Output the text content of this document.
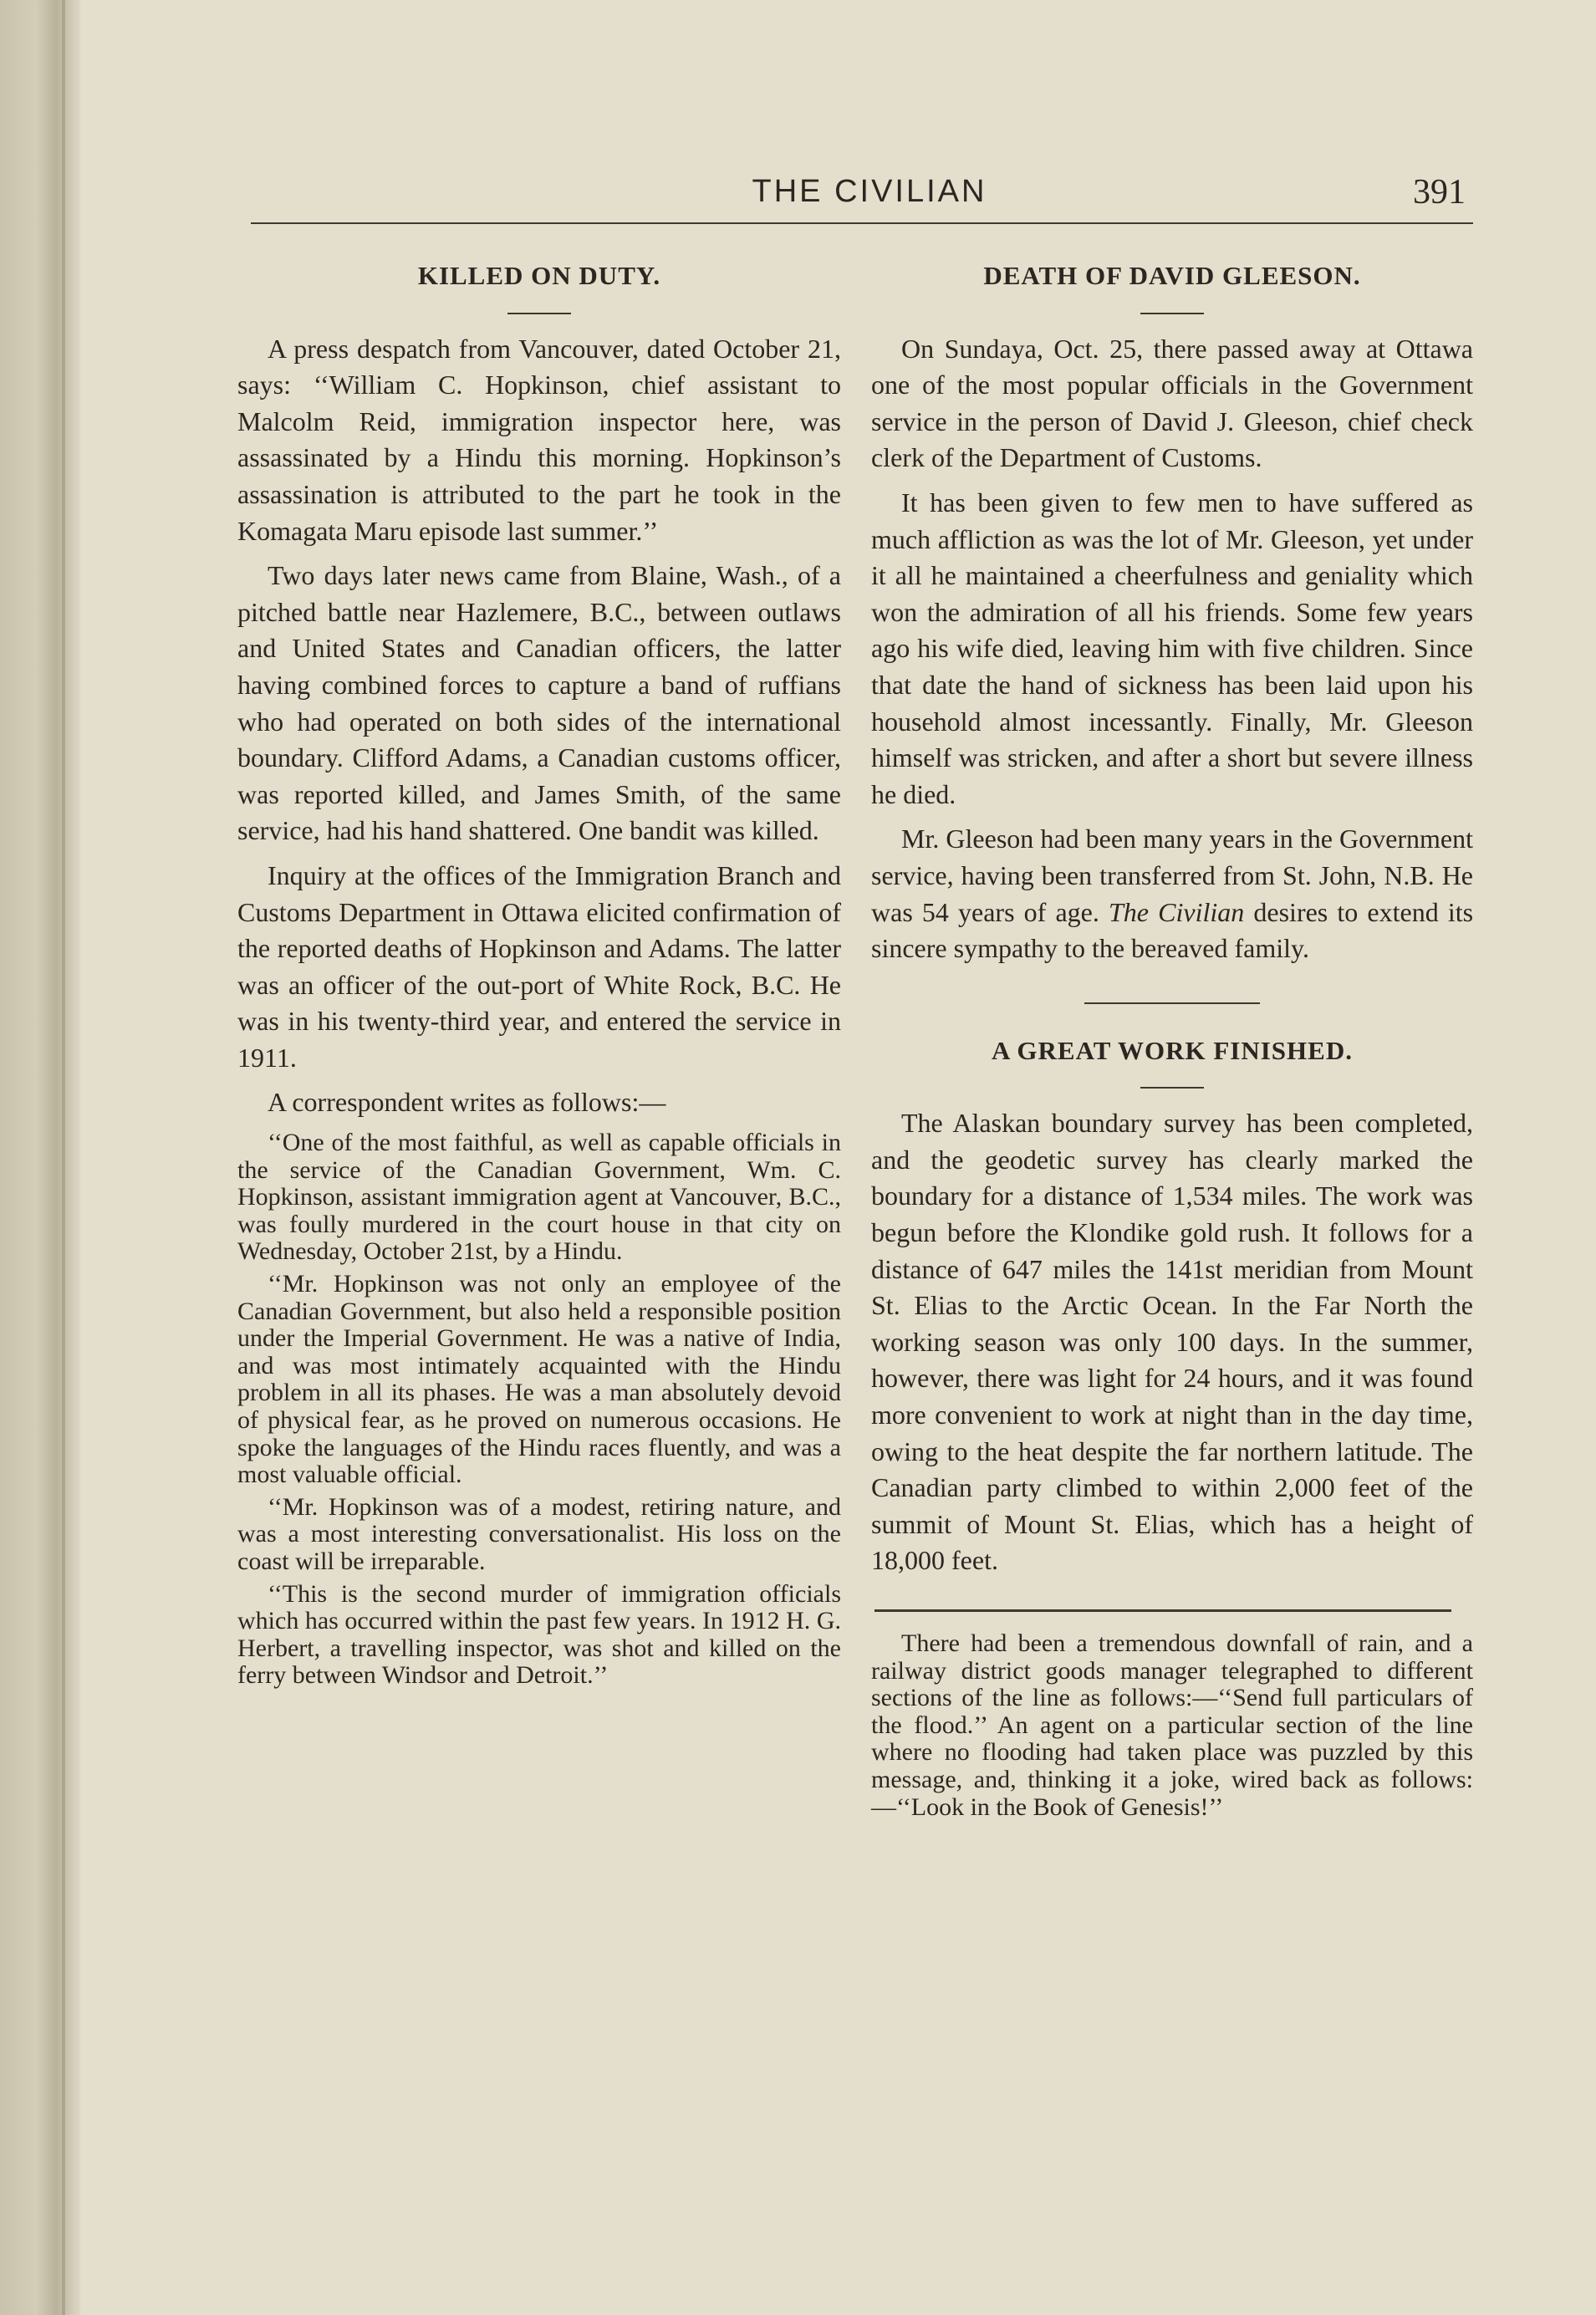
THE CIVILIAN	391
KILLED ON DUTY.

A press despatch from Vancouver, dated October 21, says: ‘‘William C. Hopkinson, chief assistant to Malcolm Reid, immigration inspector here, was assassinated by a Hindu this morning. Hopkinson’s assassination is attributed to the part he took in the Komagata Maru episode last summer.’’

Two days later news came from Blaine, Wash., of a pitched battle near Hazlemere, B.C., between outlaws and United States and Canadian officers, the latter having combined forces to capture a band of ruffians who had operated on both sides of the international boundary. Clifford Adams, a Canadian customs officer, was reported killed, and James Smith, of the same service, had his hand shattered. One bandit was killed.

Inquiry at the offices of the Immigration Branch and Customs Department in Ottawa elicited confirmation of the reported deaths of Hopkinson and Adams. The latter was an officer of the out-port of White Rock, B.C. He was in his twenty-third year, and entered the service in 1911.

A correspondent writes as follows:—

‘‘One of the most faithful, as well as capable officials in the service of the Canadian Government, Wm. C. Hopkinson, assistant immigration agent at Vancouver, B.C., was foully murdered in the court house in that city on Wednesday, October 21st, by a Hindu.

‘‘Mr. Hopkinson was not only an employee of the Canadian Government, but also held a responsible position under the Imperial Government. He was a native of India, and was most intimately acquainted with the Hindu problem in all its phases. He was a man absolutely devoid of physical fear, as he proved on numerous occasions. He spoke the languages of the Hindu races fluently, and was a most valuable official.

‘‘Mr. Hopkinson was of a modest, retiring nature, and was a most interesting conversationalist. His loss on the coast will be irreparable.

‘‘This is the second murder of immigration officials which has occurred within the past few years. In 1912 H. G. Herbert, a travelling inspector, was shot and killed on the ferry between Windsor and Detroit.’’

DEATH OF DAVID GLEESON.

On Sundaya, Oct. 25, there passed away at Ottawa one of the most popular officials in the Government service in the person of David J. Gleeson, chief check clerk of the Department of Customs.

It has been given to few men to have suffered as much affliction as was the lot of Mr. Gleeson, yet under it all he maintained a cheerfulness and geniality which won the admiration of all his friends. Some few years ago his wife died, leaving him with five children. Since that date the hand of sickness has been laid upon his household almost incessantly. Finally, Mr. Gleeson himself was stricken, and after a short but severe illness he died.

Mr. Gleeson had been many years in the Government service, having been transferred from St. John, N.B. He was 54 years of age. The Civilian desires to extend its sincere sympathy to the bereaved family.

A GREAT WORK FINISHED.

The Alaskan boundary survey has been completed, and the geodetic survey has clearly marked the boundary for a distance of 1,534 miles. The work was begun before the Klondike gold rush. It follows for a distance of 647 miles the 141st meridian from Mount St. Elias to the Arctic Ocean. In the Far North the working season was only 100 days. In the summer, however, there was light for 24 hours, and it was found more convenient to work at night than in the day time, owing to the heat despite the far northern latitude. The Canadian party climbed to within 2,000 feet of the summit of Mount St. Elias, which has a height of 18,000 feet.

There had been a tremendous downfall of rain, and a railway district goods manager telegraphed to different sections of the line as follows:—‘‘Send full particulars of the flood.’’ An agent on a particular section of the line where no flooding had taken place was puzzled by this message, and, thinking it a joke, wired back as follows:—‘‘Look in the Book of Genesis!’’
